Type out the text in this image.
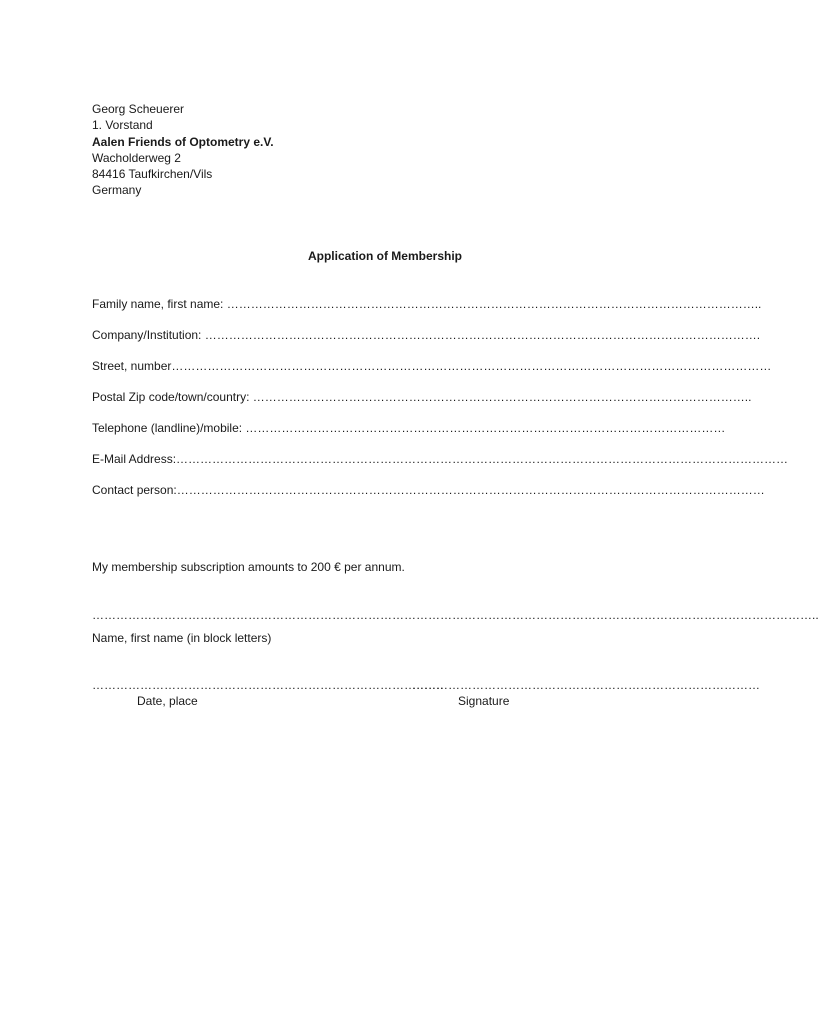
Georg Scheuerer
1. Vorstand
Aalen Friends of Optometry e.V.
Wacholderweg 2
84416 Taufkirchen/Vils
Germany
Application of Membership
Family name, first name: ……………………………………………………………………………………………………………………..
Company/Institution: ………………………………………………………………………………………………………………………….
Street, number……………………………………………………………………………………………………………………………………
Postal Zip code/town/country: ……………………………………………………………………………………………………………..
Telephone (landline)/mobile: …………………………………………………………………………………………………………
E-Mail Address:………………………………………………………………………………………………………………………………………
Contact person:…………………………………………………………………………………………………………………………………
My membership subscription amounts to 200 € per annum.
………………………………………………………………………………………………………………………………………………………………..
Name, first name (in block letters)
…………………………………………………………………………….
……………………………………………………………………………
Date, place	Signature
